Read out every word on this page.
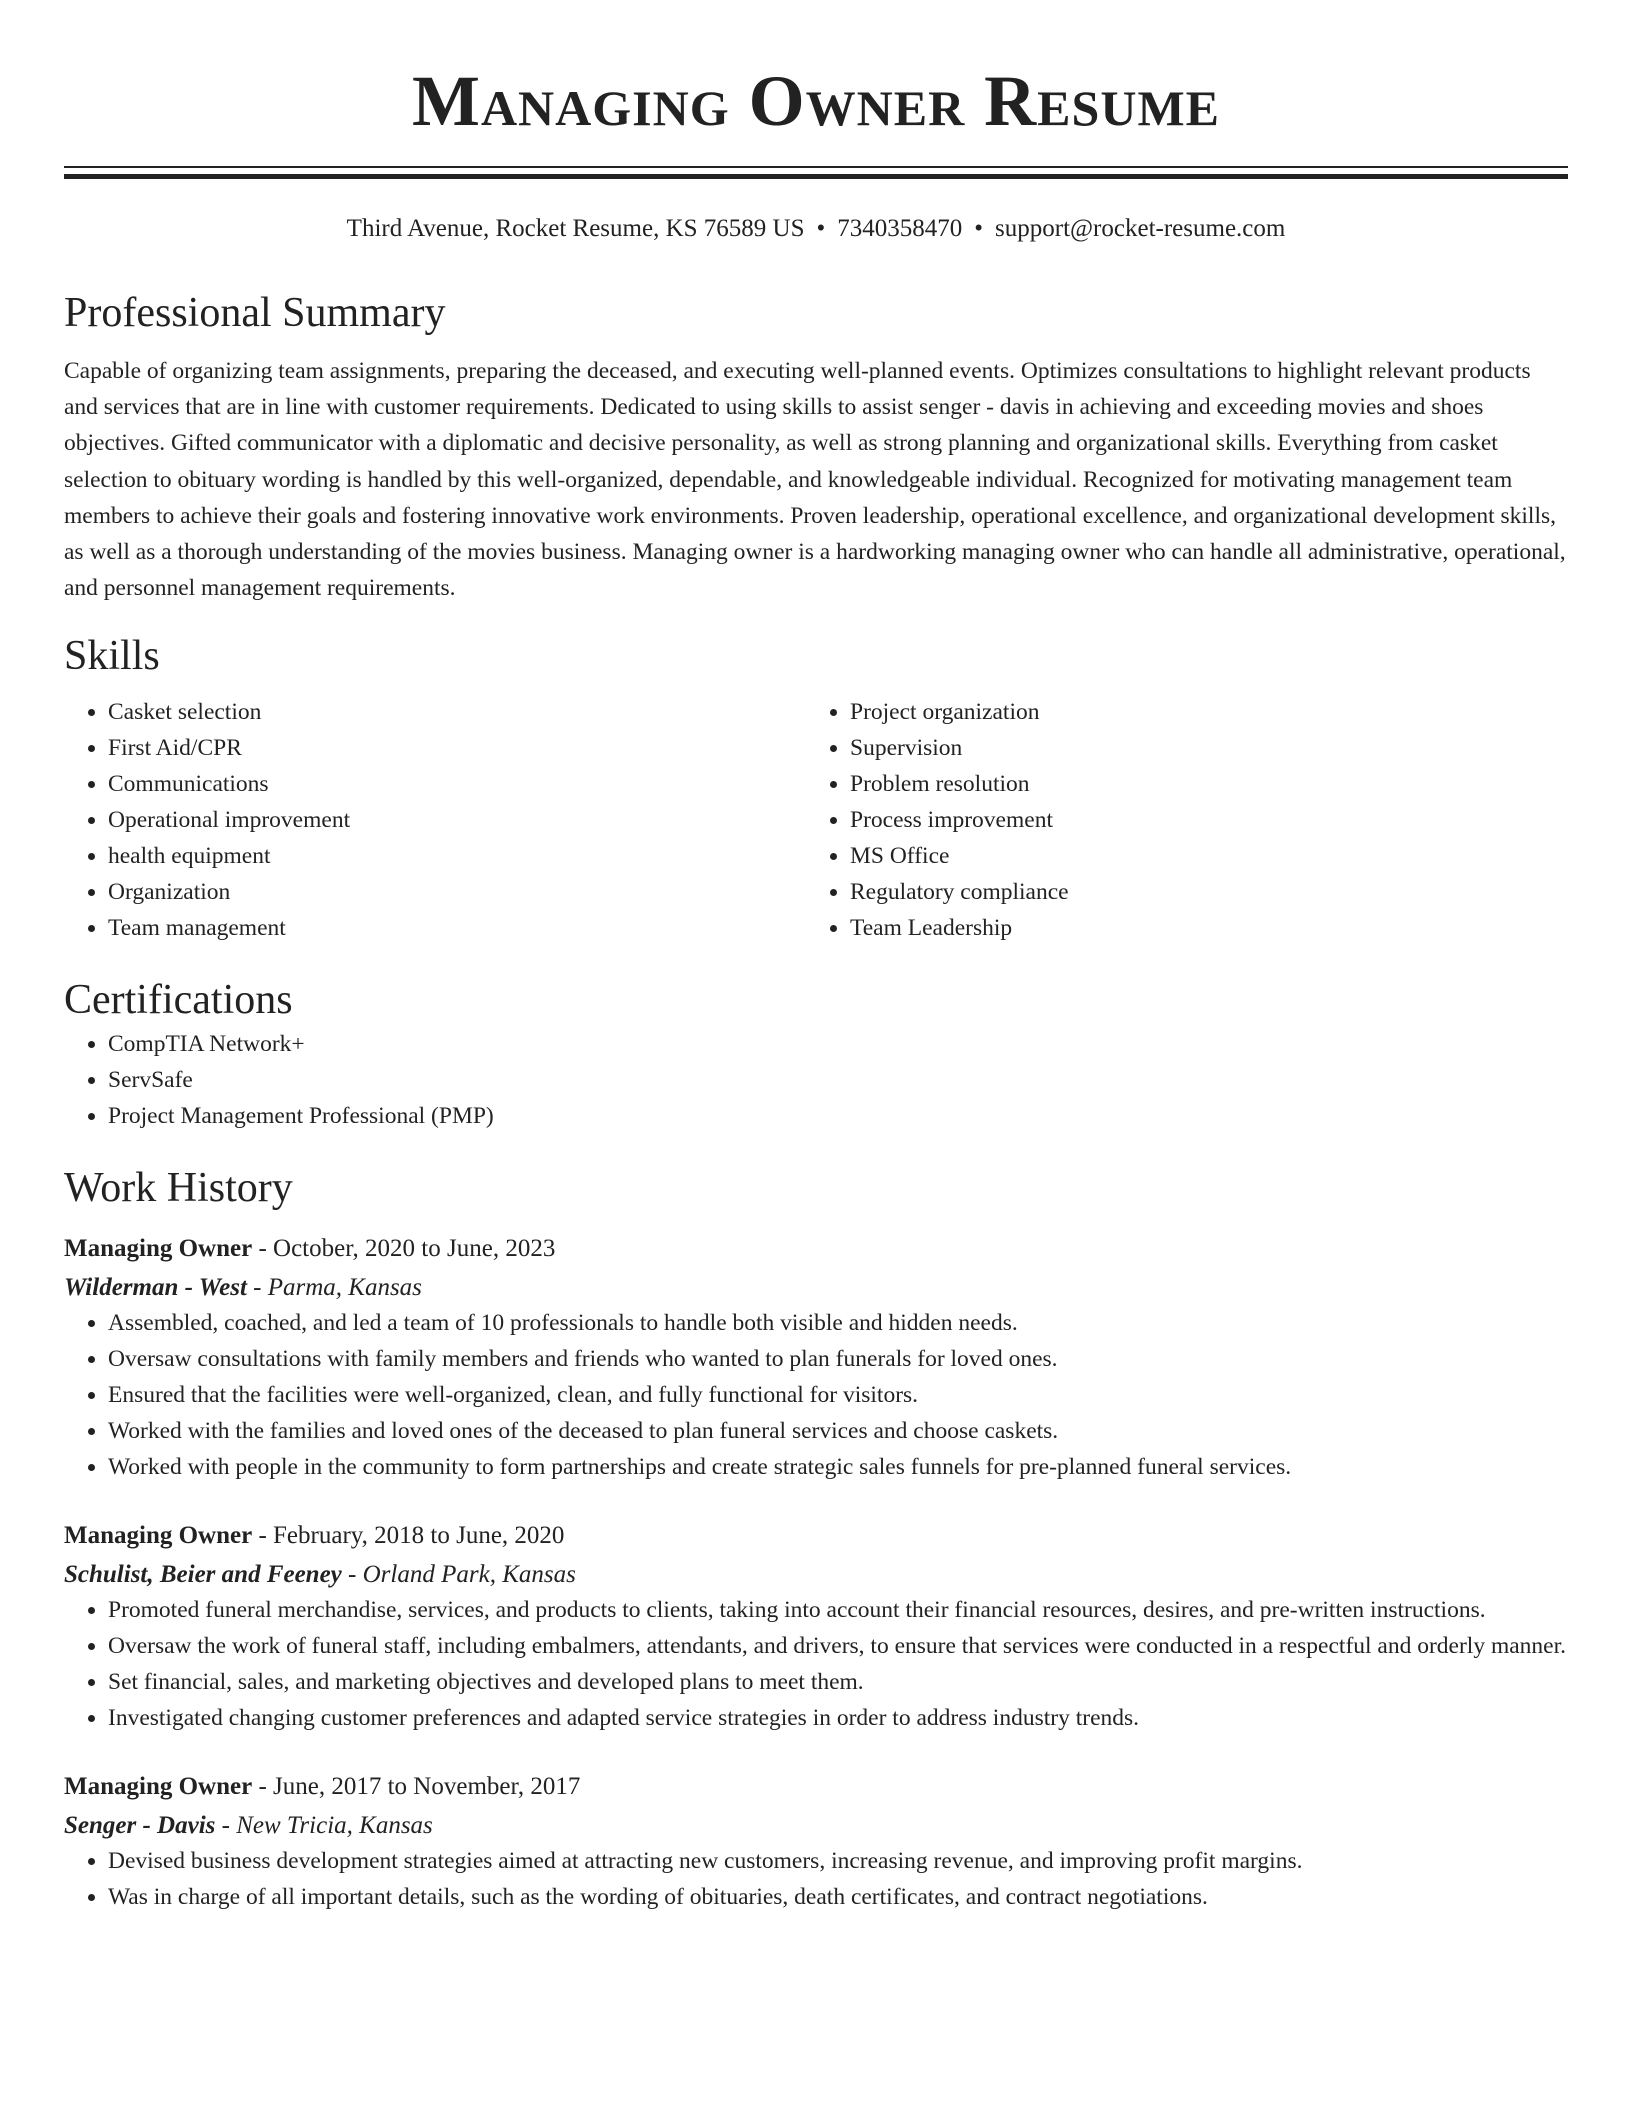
Managing Owner Resume
Third Avenue, Rocket Resume, KS 76589 US • 7340358470 • support@rocket-resume.com
Professional Summary

Capable of organizing team assignments, preparing the deceased, and executing well-planned events. Optimizes consultations to highlight relevant products and services that are in line with customer requirements. Dedicated to using skills to assist senger - davis in achieving and exceeding movies and shoes objectives. Gifted communicator with a diplomatic and decisive personality, as well as strong planning and organizational skills. Everything from casket selection to obituary wording is handled by this well-organized, dependable, and knowledgeable individual. Recognized for motivating management team members to achieve their goals and fostering innovative work environments. Proven leadership, operational excellence, and organizational development skills, as well as a thorough understanding of the movies business. Managing owner is a hardworking managing owner who can handle all administrative, operational, and personnel management requirements.

Skills
• Casket selection
• First Aid/CPR
• Communications
• Operational improvement
• health equipment
• Organization
• Team management
• Project organization
• Supervision
• Problem resolution
• Process improvement
• MS Office
• Regulatory compliance
• Team Leadership
Certifications
• CompTIA Network+
• ServSafe
• Project Management Professional (PMP)
Work History
Managing Owner - October, 2020 to June, 2023
Wilderman - West - Parma, Kansas
• Assembled, coached, and led a team of 10 professionals to handle both visible and hidden needs.
• Oversaw consultations with family members and friends who wanted to plan funerals for loved ones.
• Ensured that the facilities were well-organized, clean, and fully functional for visitors.
• Worked with the families and loved ones of the deceased to plan funeral services and choose caskets.
• Worked with people in the community to form partnerships and create strategic sales funnels for pre-planned funeral services.
Managing Owner - February, 2018 to June, 2020
Schulist, Beier and Feeney - Orland Park, Kansas
• Promoted funeral merchandise, services, and products to clients, taking into account their financial resources, desires, and pre-written instructions.
• Oversaw the work of funeral staff, including embalmers, attendants, and drivers, to ensure that services were conducted in a respectful and orderly manner.
• Set financial, sales, and marketing objectives and developed plans to meet them.
• Investigated changing customer preferences and adapted service strategies in order to address industry trends.
Managing Owner - June, 2017 to November, 2017
Senger - Davis - New Tricia, Kansas
• Devised business development strategies aimed at attracting new customers, increasing revenue, and improving profit margins.
• Was in charge of all important details, such as the wording of obituaries, death certificates, and contract negotiations.
